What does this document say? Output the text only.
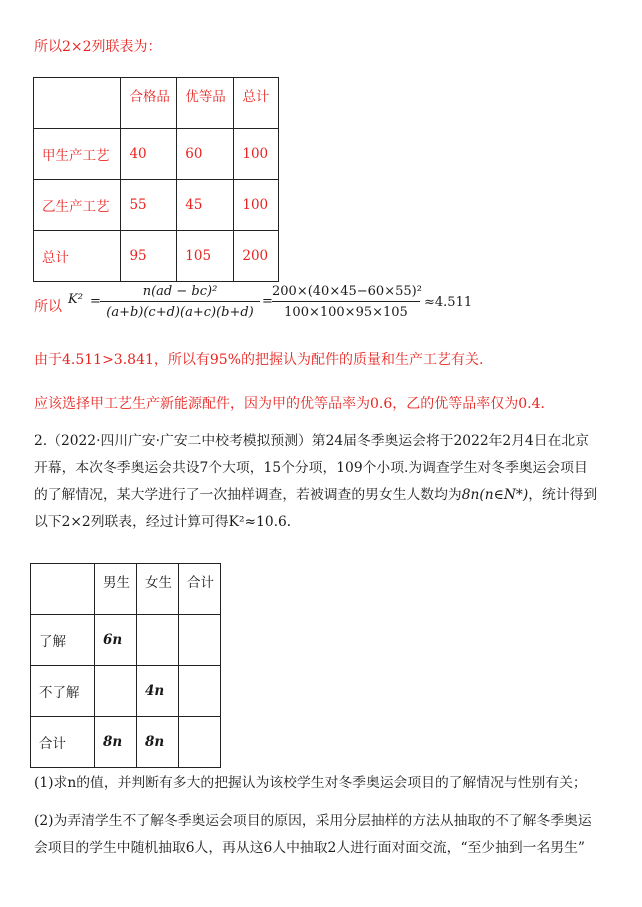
所以2×2列联表为：
	合格品	优等品	总计
甲生产工艺	40	60	100
乙生产工艺	55	45	100
总计	95	105	200
所以 K² =
n(ad − bc)²
(a+b)(c+d)(a+c)(b+d)
=
200×(40×45−60×55)²
100×100×95×105
≈4.511
由于4.511>3.841，所以有95%的把握认为配件的质量和生产工艺有关.
应该选择甲工艺生产新能源配件，因为甲的优等品率为0.6，乙的优等品率仅为0.4．
2.（2022·四川广安·广安二中校考模拟预测）第24届冬季奥运会将于2022年2月4日在北京
开幕，本次冬季奥运会共设7个大项，15个分项，109个小项.为调查学生对冬季奥运会项目
的了解情况，某大学进行了一次抽样调查，若被调查的男女生人数均为8n(n∈N*)，统计得到
以下2×2列联表，经过计算可得K²≈10.6．
	男生	女生	合计
了解	6n		
不了解		4n	
合计	8n	8n	
(1)求n的值，并判断有多大的把握认为该校学生对冬季奥运会项目的了解情况与性别有关；
(2)为弄清学生不了解冬季奥运会项目的原因，采用分层抽样的方法从抽取的不了解冬季奥运
会项目的学生中随机抽取6人，再从这6人中抽取2人进行面对面交流，“至少抽到一名男生”
